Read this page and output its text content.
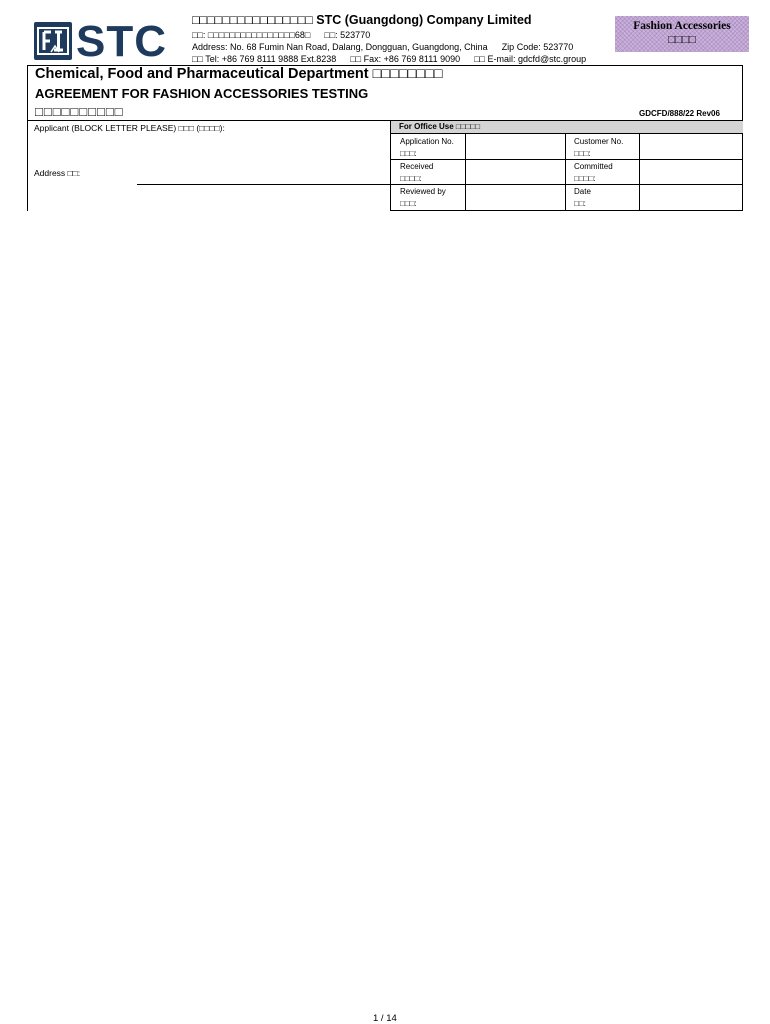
STC □□□□□□□□□□□□□□□□ STC (Guangdong) Company Limited
□□: □□□□□□□□□□□□□□□□68□ □□: 523770
Address: No. 68 Fumin Nan Road, Dalang, Dongguan, Guangdong, China Zip Code: 523770
□□ Tel: +86 769 8111 9888 Ext.8238 □□ Fax: +86 769 8111 9090 □□ E-mail: gdcfd@stc.group
Fashion Accessories
□□□□
Chemical, Food and Pharmaceutical Department □□□□□□□□
AGREEMENT FOR FASHION ACCESSORIES TESTING
□□□□□□□□□□	GDCFD/888/22 Rev06
Applicant (BLOCK LETTER PLEASE) □□□ (□□□□):
Address □□:
For Office Use □□□□□
Application No.
□□□:
Customer No.
□□□:
Received
□□□□:
Committed
□□□□:
Reviewed by
□□□:
Date
□□:
1 / 14
